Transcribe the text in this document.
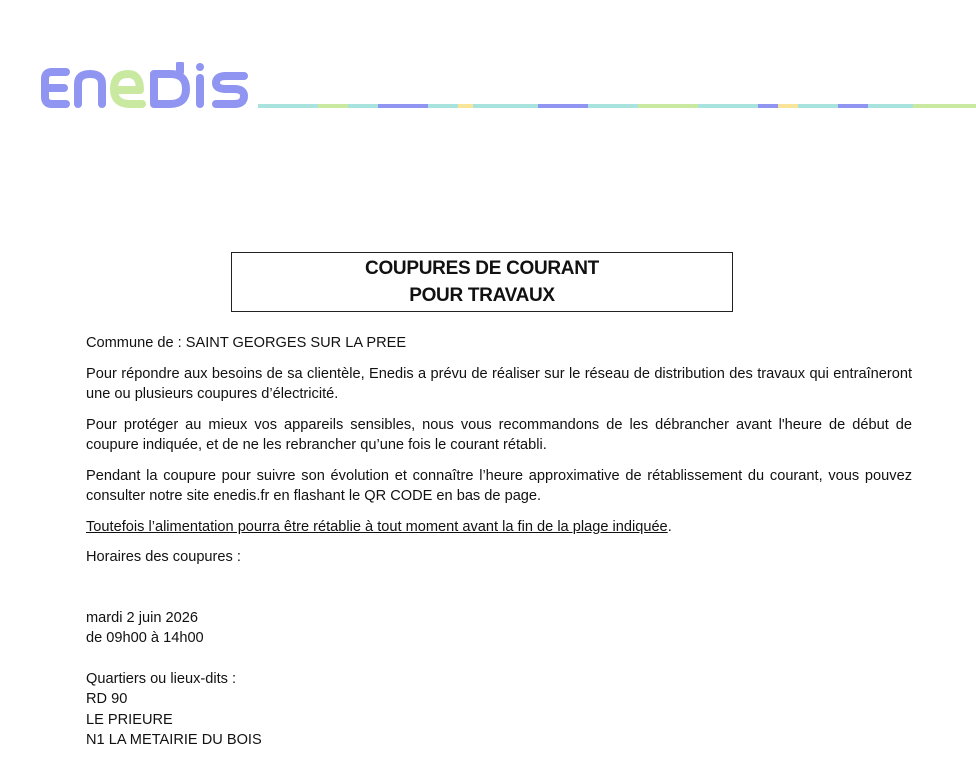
COUPURES DE COURANT
POUR TRAVAUX

Commune de : SAINT GEORGES SUR LA PREE

Pour répondre aux besoins de sa clientèle, Enedis a prévu de réaliser sur le réseau de distribution des travaux qui entraîneront une ou plusieurs coupures d’électricité.

Pour protéger au mieux vos appareils sensibles, nous vous recommandons de les débrancher avant l'heure de début de coupure indiquée, et de ne les rebrancher qu’une fois le courant rétabli.

Pendant la coupure pour suivre son évolution et connaître l’heure approximative de rétablissement du courant, vous pouvez consulter notre site enedis.fr en flashant le QR CODE en bas de page.

Toutefois l’alimentation pourra être rétablie à tout moment avant la fin de la plage indiquée.

Horaires des coupures :

mardi 2 juin 2026

de 09h00 à 14h00

Quartiers ou lieux-dits :

RD 90

LE PRIEURE

N1 LA METAIRIE DU BOIS
